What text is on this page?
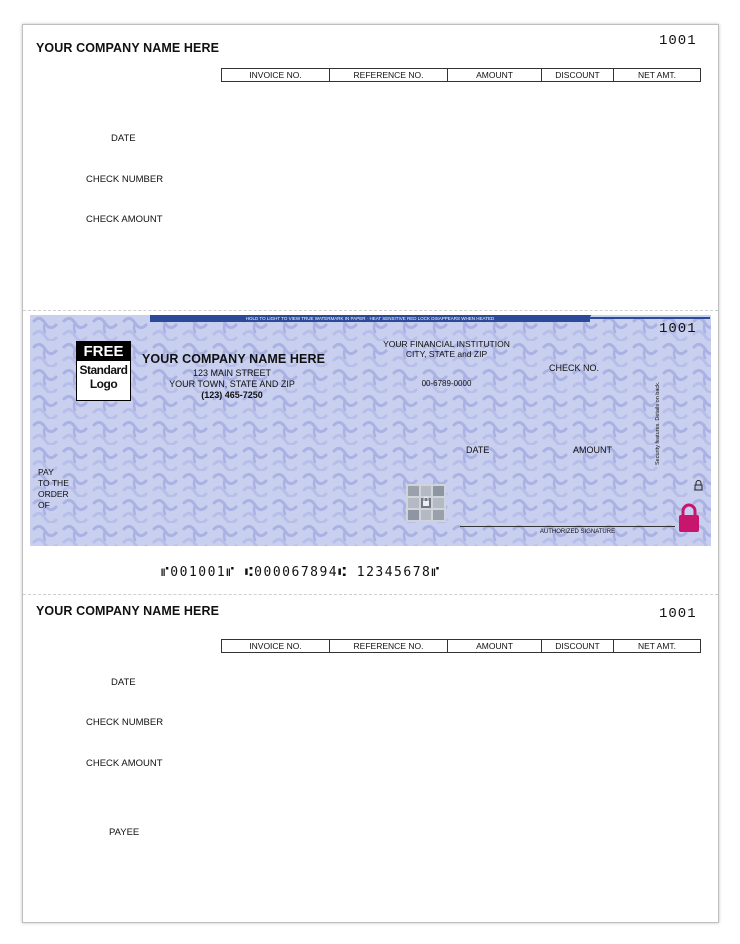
YOUR COMPANY NAME HERE	1001
INVOICE NO.	REFERENCE NO.	AMOUNT	DISCOUNT	NET AMT.
DATE
CHECK NUMBER
CHECK AMOUNT
HOLD TO LIGHT TO VIEW TRUE WATERMARK IN PAPER · HEAT SENSITIVE RED LOCK DISAPPEARS WHEN HEATED	MP
1001
FREE
Standard
Logo
YOUR COMPANY NAME HERE
123 MAIN STREET
YOUR TOWN, STATE AND ZIP
(123) 465-7250
YOUR FINANCIAL INSTITUTION
CITY, STATE and ZIP
00-6789-0000
CHECK NO.
DATE	AMOUNT
PAY
TO THE
ORDER
OF
AUTHORIZED SIGNATURE
Security features. Details on back.
⑈001001⑈ ⑆000067894⑆ 12345678⑈
YOUR COMPANY NAME HERE	1001
INVOICE NO.	REFERENCE NO.	AMOUNT	DISCOUNT	NET AMT.
DATE
CHECK NUMBER
CHECK AMOUNT
PAYEE
